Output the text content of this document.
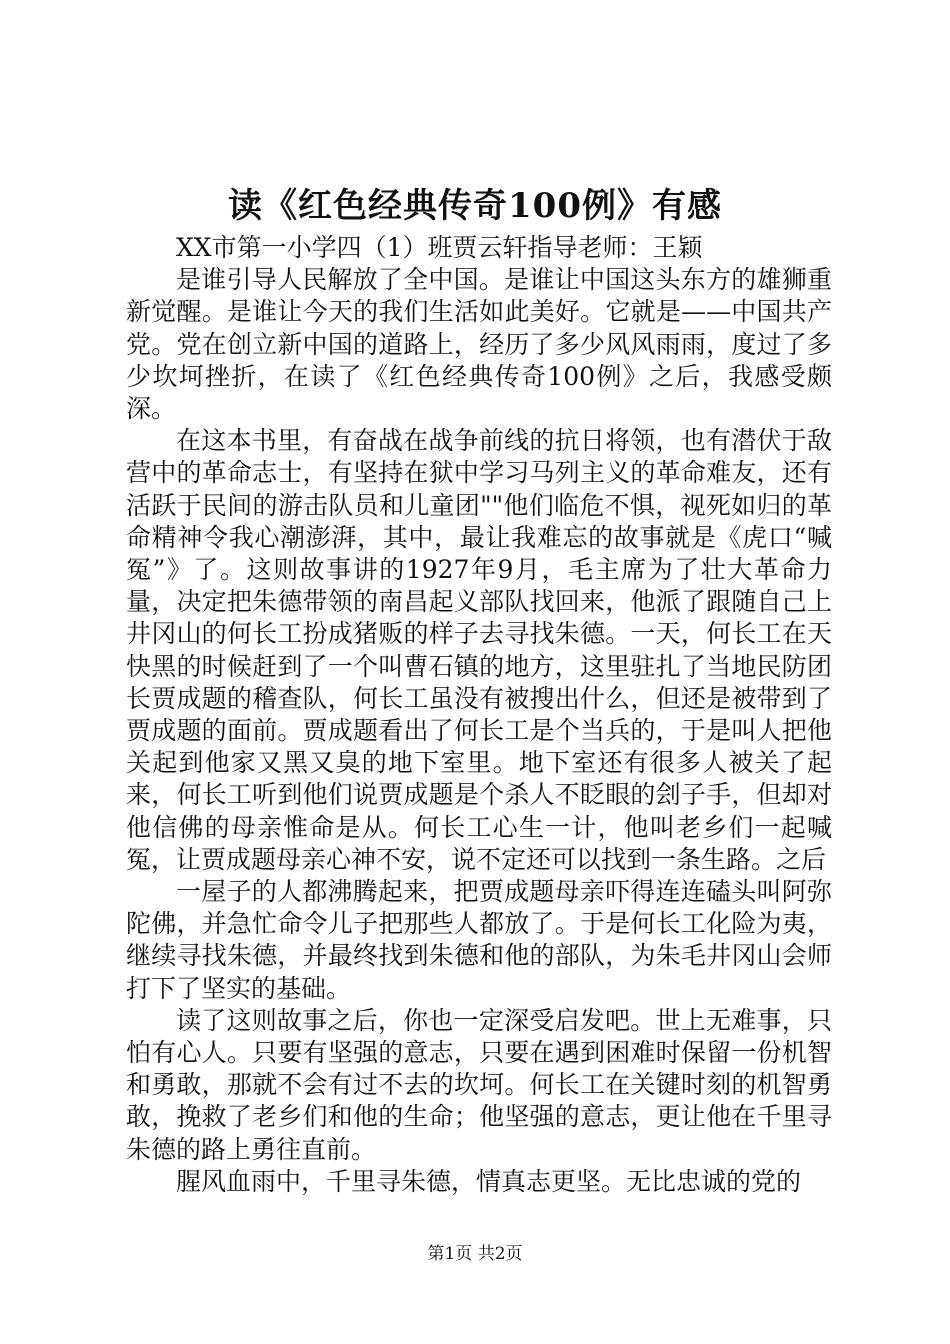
读《红色经典传奇100例》有感

XX市第一小学四（1）班贾云轩指导老师：王颖

是谁引导人民解放了全中国。是谁让中国这头东方的雄狮重新觉醒。是谁让今天的我们生活如此美好。它就是——中国共产党。党在创立新中国的道路上，经历了多少风风雨雨，度过了多少坎坷挫折，在读了《红色经典传奇100例》之后，我感受颇深。

在这本书里，有奋战在战争前线的抗日将领，也有潜伏于敌营中的革命志士，有坚持在狱中学习马列主义的革命难友，还有活跃于民间的游击队员和儿童团""他们临危不惧，视死如归的革命精神令我心潮澎湃，其中，最让我难忘的故事就是《虎口“喊冤”》了。这则故事讲的1927年9月，毛主席为了壮大革命力量，决定把朱德带领的南昌起义部队找回来，他派了跟随自己上井冈山的何长工扮成猪贩的样子去寻找朱德。一天，何长工在天快黑的时候赶到了一个叫曹石镇的地方，这里驻扎了当地民防团长贾成题的稽查队，何长工虽没有被搜出什么，但还是被带到了贾成题的面前。贾成题看出了何长工是个当兵的，于是叫人把他关起到他家又黑又臭的地下室里。地下室还有很多人被关了起来，何长工听到他们说贾成题是个杀人不眨眼的刽子手，但却对他信佛的母亲惟命是从。何长工心生一计，他叫老乡们一起喊冤，让贾成题母亲心神不安，说不定还可以找到一条生路。之后

一屋子的人都沸腾起来，把贾成题母亲吓得连连磕头叫阿弥陀佛，并急忙命令儿子把那些人都放了。于是何长工化险为夷，继续寻找朱德，并最终找到朱德和他的部队，为朱毛井冈山会师打下了坚实的基础。

读了这则故事之后，你也一定深受启发吧。世上无难事，只怕有心人。只要有坚强的意志，只要在遇到困难时保留一份机智和勇敢，那就不会有过不去的坎坷。何长工在关键时刻的机智勇敢，挽救了老乡们和他的生命；他坚强的意志，更让他在千里寻朱德的路上勇往直前。

腥风血雨中，千里寻朱德，情真志更坚。无比忠诚的党的

第1页 共2页
